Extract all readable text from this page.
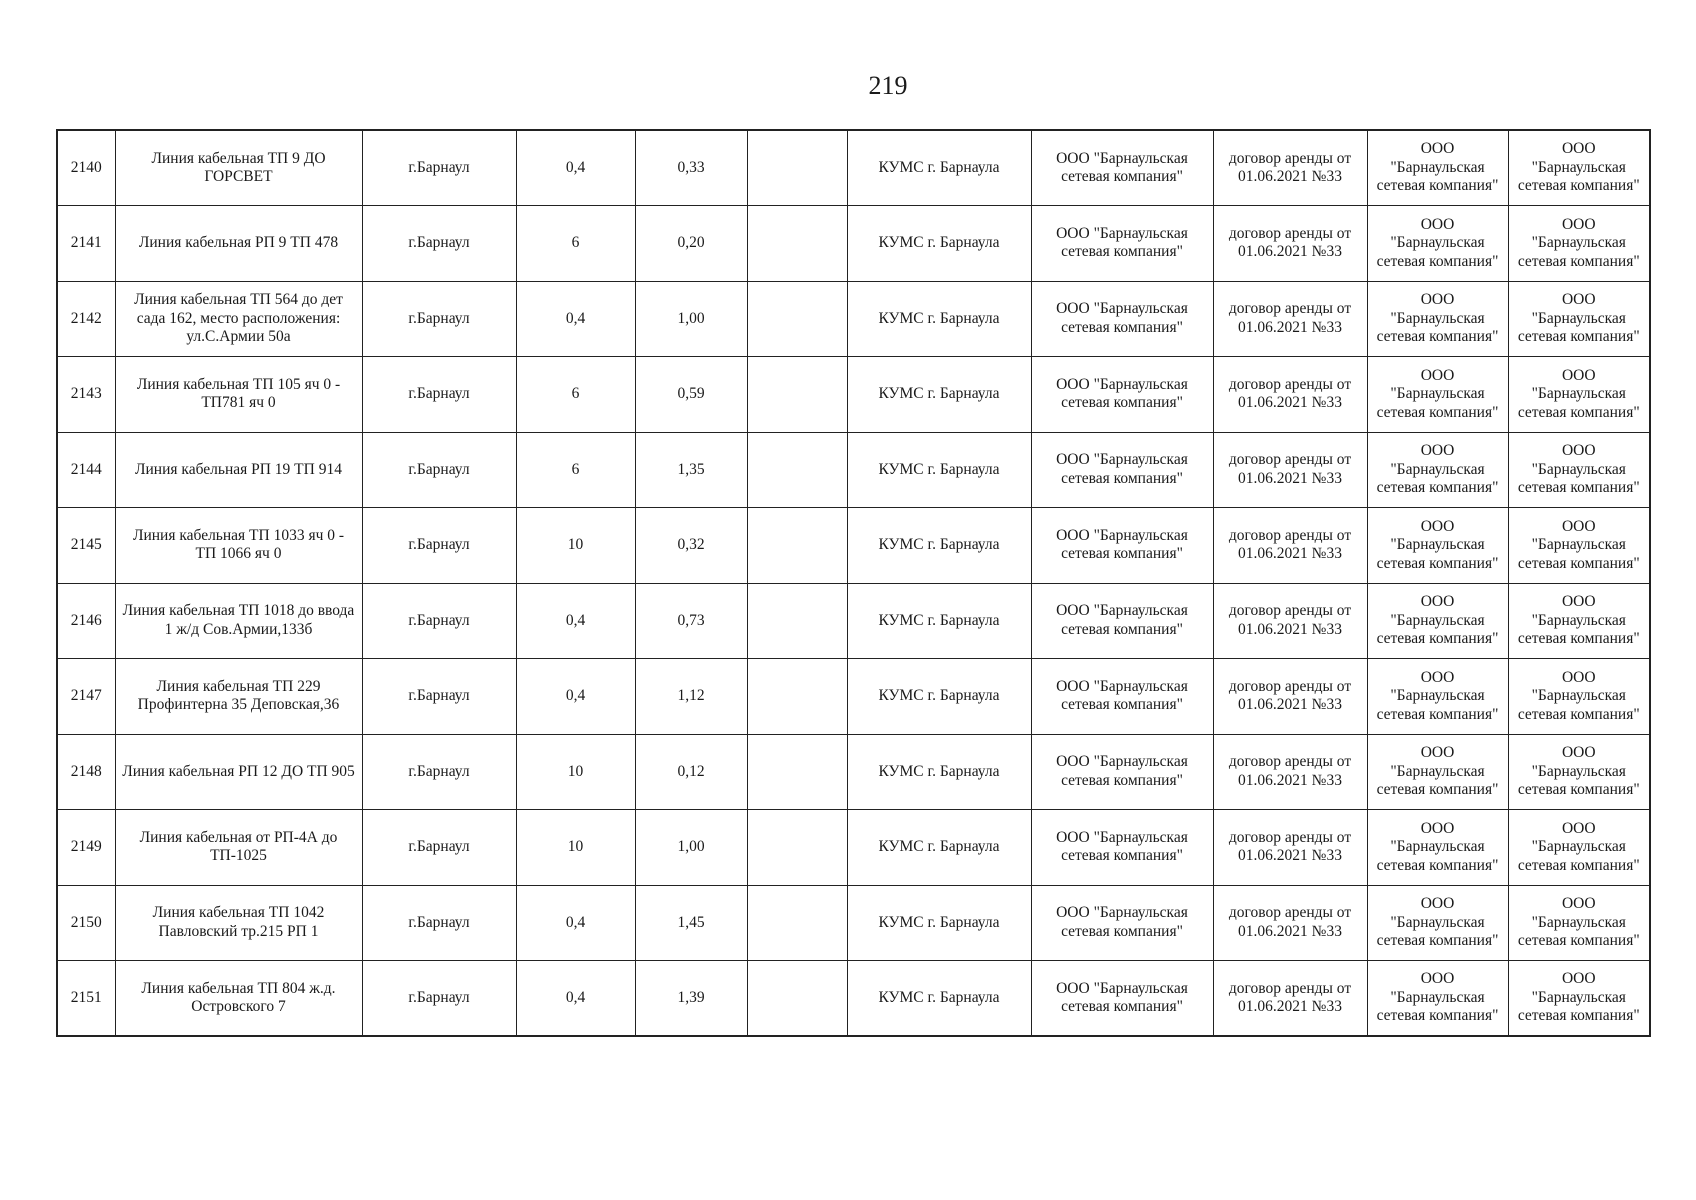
219
2140	Линия кабельная ТП 9 ДО ГОРСВЕТ	г.Барнаул	0,4	0,33		КУМС г. Барнаула	ООО "Барнаульская сетевая компания"	договор аренды от 01.06.2021 №33	ООО "Барнаульская сетевая компания"	ООО "Барнаульская сетевая компания"
2141	Линия кабельная РП 9 ТП 478	г.Барнаул	6	0,20		КУМС г. Барнаула	ООО "Барнаульская сетевая компания"	договор аренды от 01.06.2021 №33	ООО "Барнаульская сетевая компания"	ООО "Барнаульская сетевая компания"
2142	Линия кабельная ТП 564 до дет сада 162, место расположения: ул.С.Армии 50а	г.Барнаул	0,4	1,00		КУМС г. Барнаула	ООО "Барнаульская сетевая компания"	договор аренды от 01.06.2021 №33	ООО "Барнаульская сетевая компания"	ООО "Барнаульская сетевая компания"
2143	Линия кабельная ТП 105 яч 0 - ТП781 яч 0	г.Барнаул	6	0,59		КУМС г. Барнаула	ООО "Барнаульская сетевая компания"	договор аренды от 01.06.2021 №33	ООО "Барнаульская сетевая компания"	ООО "Барнаульская сетевая компания"
2144	Линия кабельная РП 19 ТП 914	г.Барнаул	6	1,35		КУМС г. Барнаула	ООО "Барнаульская сетевая компания"	договор аренды от 01.06.2021 №33	ООО "Барнаульская сетевая компания"	ООО "Барнаульская сетевая компания"
2145	Линия кабельная ТП 1033 яч 0 - ТП 1066 яч 0	г.Барнаул	10	0,32		КУМС г. Барнаула	ООО "Барнаульская сетевая компания"	договор аренды от 01.06.2021 №33	ООО "Барнаульская сетевая компания"	ООО "Барнаульская сетевая компания"
2146	Линия кабельная ТП 1018 до ввода 1 ж/д Сов.Армии,133б	г.Барнаул	0,4	0,73		КУМС г. Барнаула	ООО "Барнаульская сетевая компания"	договор аренды от 01.06.2021 №33	ООО "Барнаульская сетевая компания"	ООО "Барнаульская сетевая компания"
2147	Линия кабельная ТП 229 Профинтерна 35 Деповская,36	г.Барнаул	0,4	1,12		КУМС г. Барнаула	ООО "Барнаульская сетевая компания"	договор аренды от 01.06.2021 №33	ООО "Барнаульская сетевая компания"	ООО "Барнаульская сетевая компания"
2148	Линия кабельная РП 12 ДО ТП 905	г.Барнаул	10	0,12		КУМС г. Барнаула	ООО "Барнаульская сетевая компания"	договор аренды от 01.06.2021 №33	ООО "Барнаульская сетевая компания"	ООО "Барнаульская сетевая компания"
2149	Линия кабельная от РП-4А до ТП-1025	г.Барнаул	10	1,00		КУМС г. Барнаула	ООО "Барнаульская сетевая компания"	договор аренды от 01.06.2021 №33	ООО "Барнаульская сетевая компания"	ООО "Барнаульская сетевая компания"
2150	Линия кабельная ТП 1042 Павловский тр.215 РП 1	г.Барнаул	0,4	1,45		КУМС г. Барнаула	ООО "Барнаульская сетевая компания"	договор аренды от 01.06.2021 №33	ООО "Барнаульская сетевая компания"	ООО "Барнаульская сетевая компания"
2151	Линия кабельная ТП 804 ж.д. Островского 7	г.Барнаул	0,4	1,39		КУМС г. Барнаула	ООО "Барнаульская сетевая компания"	договор аренды от 01.06.2021 №33	ООО "Барнаульская сетевая компания"	ООО "Барнаульская сетевая компания"
